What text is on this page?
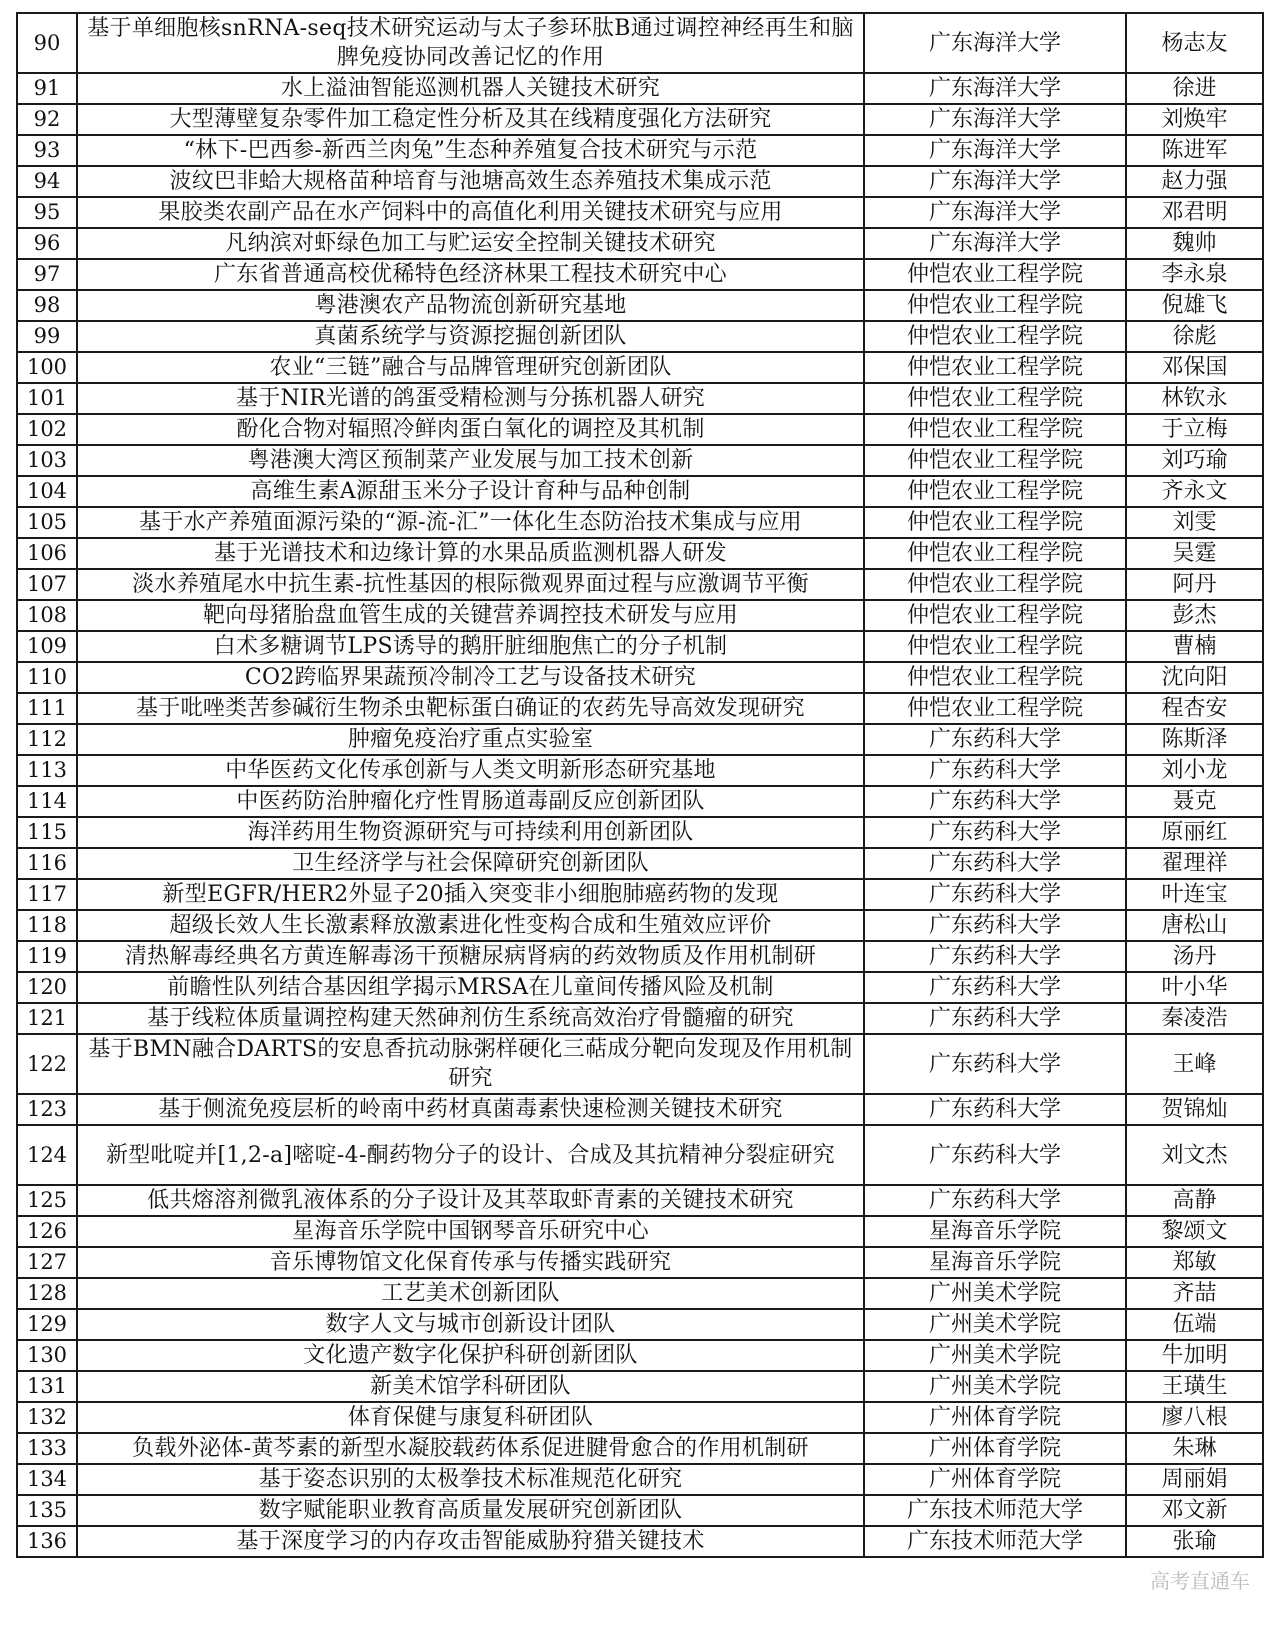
90	基于单细胞核snRNA-seq技术研究运动与太子参环肽B通过调控神经再生和脑脾免疫协同改善记忆的作用	广东海洋大学	杨志友
91	水上溢油智能巡测机器人关键技术研究	广东海洋大学	徐进
92	大型薄壁复杂零件加工稳定性分析及其在线精度强化方法研究	广东海洋大学	刘焕牢
93	“林下-巴西参-新西兰肉兔”生态种养殖复合技术研究与示范	广东海洋大学	陈进军
94	波纹巴非蛤大规格苗种培育与池塘高效生态养殖技术集成示范	广东海洋大学	赵力强
95	果胶类农副产品在水产饲料中的高值化利用关键技术研究与应用	广东海洋大学	邓君明
96	凡纳滨对虾绿色加工与贮运安全控制关键技术研究	广东海洋大学	魏帅
97	广东省普通高校优稀特色经济林果工程技术研究中心	仲恺农业工程学院	李永泉
98	粤港澳农产品物流创新研究基地	仲恺农业工程学院	倪雄飞
99	真菌系统学与资源挖掘创新团队	仲恺农业工程学院	徐彪
100	农业“三链”融合与品牌管理研究创新团队	仲恺农业工程学院	邓保国
101	基于NIR光谱的鸽蛋受精检测与分拣机器人研究	仲恺农业工程学院	林钦永
102	酚化合物对辐照冷鲜肉蛋白氧化的调控及其机制	仲恺农业工程学院	于立梅
103	粤港澳大湾区预制菜产业发展与加工技术创新	仲恺农业工程学院	刘巧瑜
104	高维生素A源甜玉米分子设计育种与品种创制	仲恺农业工程学院	齐永文
105	基于水产养殖面源污染的“源-流-汇”一体化生态防治技术集成与应用	仲恺农业工程学院	刘雯
106	基于光谱技术和边缘计算的水果品质监测机器人研发	仲恺农业工程学院	吴霆
107	淡水养殖尾水中抗生素-抗性基因的根际微观界面过程与应激调节平衡	仲恺农业工程学院	阿丹
108	靶向母猪胎盘血管生成的关键营养调控技术研发与应用	仲恺农业工程学院	彭杰
109	白术多糖调节LPS诱导的鹅肝脏细胞焦亡的分子机制	仲恺农业工程学院	曹楠
110	CO2跨临界果蔬预冷制冷工艺与设备技术研究	仲恺农业工程学院	沈向阳
111	基于吡唑类苦参碱衍生物杀虫靶标蛋白确证的农药先导高效发现研究	仲恺农业工程学院	程杏安
112	肿瘤免疫治疗重点实验室	广东药科大学	陈斯泽
113	中华医药文化传承创新与人类文明新形态研究基地	广东药科大学	刘小龙
114	中医药防治肿瘤化疗性胃肠道毒副反应创新团队	广东药科大学	聂克
115	海洋药用生物资源研究与可持续利用创新团队	广东药科大学	原丽红
116	卫生经济学与社会保障研究创新团队	广东药科大学	翟理祥
117	新型EGFR/HER2外显子20插入突变非小细胞肺癌药物的发现	广东药科大学	叶连宝
118	超级长效人生长激素释放激素进化性变构合成和生殖效应评价	广东药科大学	唐松山
119	清热解毒经典名方黄连解毒汤干预糖尿病肾病的药效物质及作用机制研	广东药科大学	汤丹
120	前瞻性队列结合基因组学揭示MRSA在儿童间传播风险及机制	广东药科大学	叶小华
121	基于线粒体质量调控构建天然砷剂仿生系统高效治疗骨髓瘤的研究	广东药科大学	秦凌浩
122	基于BMN融合DARTS的安息香抗动脉粥样硬化三萜成分靶向发现及作用机制研究	广东药科大学	王峰
123	基于侧流免疫层析的岭南中药材真菌毒素快速检测关键技术研究	广东药科大学	贺锦灿
124	新型吡啶并[1,2-a]嘧啶-4-酮药物分子的设计、合成及其抗精神分裂症研究	广东药科大学	刘文杰
125	低共熔溶剂微乳液体系的分子设计及其萃取虾青素的关键技术研究	广东药科大学	高静
126	星海音乐学院中国钢琴音乐研究中心	星海音乐学院	黎颂文
127	音乐博物馆文化保育传承与传播实践研究	星海音乐学院	郑敏
128	工艺美术创新团队	广州美术学院	齐喆
129	数字人文与城市创新设计团队	广州美术学院	伍端
130	文化遗产数字化保护科研创新团队	广州美术学院	牛加明
131	新美术馆学科研团队	广州美术学院	王璜生
132	体育保健与康复科研团队	广州体育学院	廖八根
133	负载外泌体-黄芩素的新型水凝胶载药体系促进腱骨愈合的作用机制研	广州体育学院	朱琳
134	基于姿态识别的太极拳技术标准规范化研究	广州体育学院	周丽娟
135	数字赋能职业教育高质量发展研究创新团队	广东技术师范大学	邓文新
136	基于深度学习的内存攻击智能威胁狩猎关键技术	广东技术师范大学	张瑜
高考直通车
